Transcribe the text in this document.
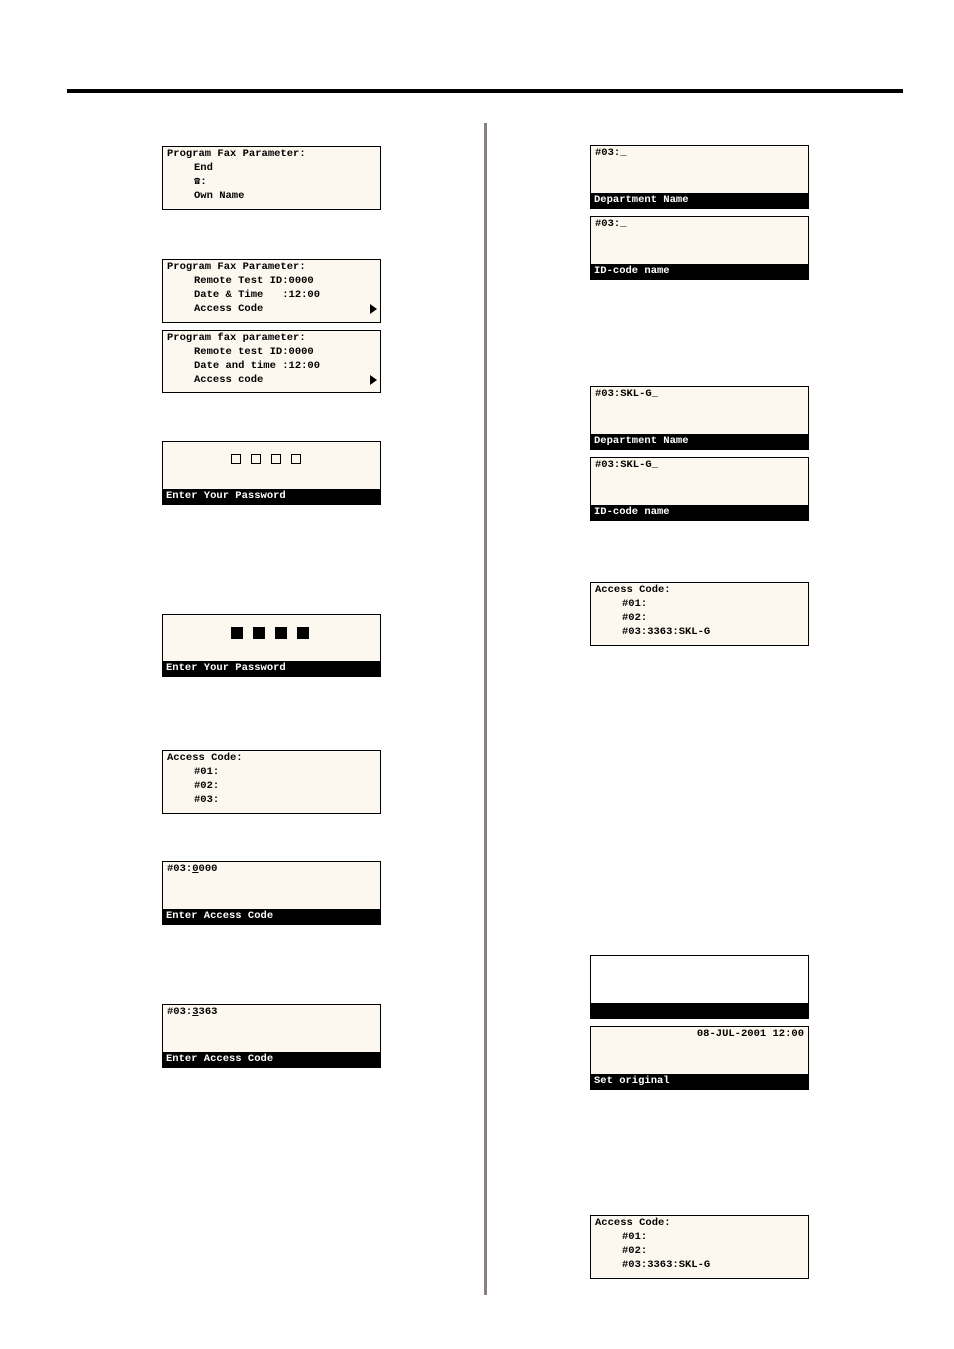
Program Fax Parameter:
End
☎:
Own Name
Program Fax Parameter:
Remote Test ID:0000
Date & Time   :12:00
Access Code
Program fax parameter:
Remote test ID:0000
Date and time :12:00
Access code
Enter Your Password
Enter Your Password
Access Code:
#01:
#02:
#03:
#03:0000
Enter Access Code
#03:3363
Enter Access Code
#03:_
Department Name
#03:_
ID-code name
#03:SKL-G_
Department Name
#03:SKL-G_
ID-code name
Access Code:
#01:
#02:
#03:3363:SKL-G
08-JUL-2001 12:00
Set original
Access Code:
#01:
#02:
#03:3363:SKL-G
